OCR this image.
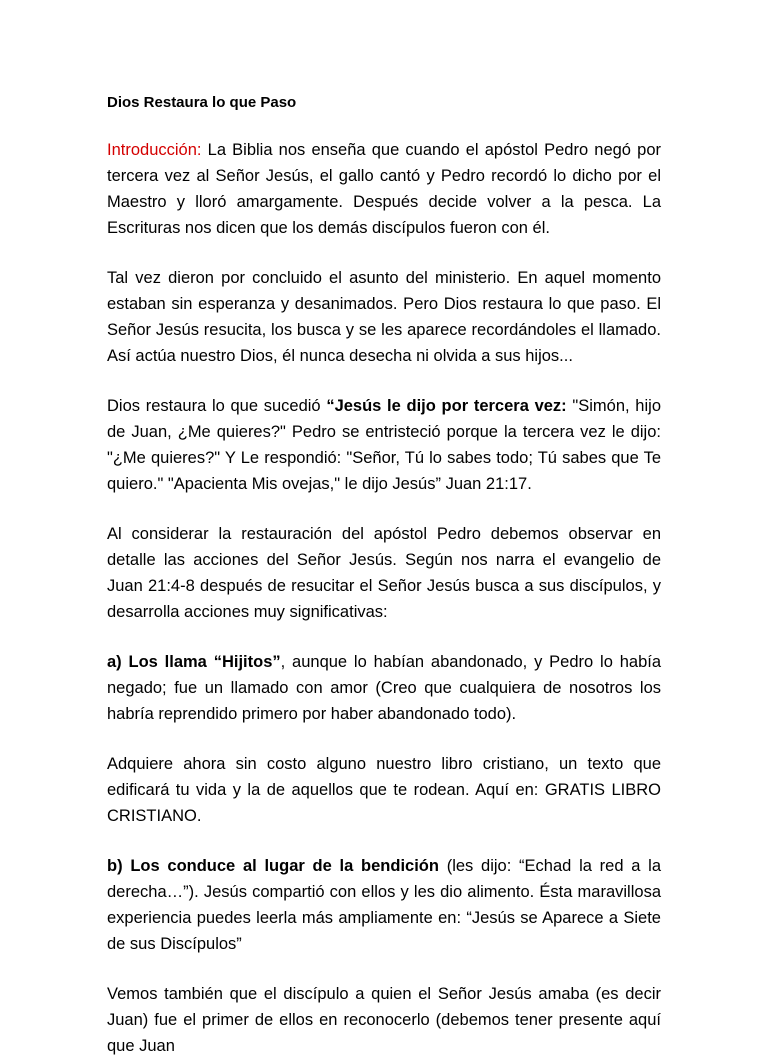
Dios Restaura lo que Paso

Introducción: La Biblia nos enseña que cuando el apóstol Pedro negó por tercera vez al Señor Jesús, el gallo cantó y Pedro recordó lo dicho por el Maestro y lloró amargamente. Después decide volver a la pesca. La Escrituras nos dicen que los demás discípulos fueron con él.

Tal vez dieron por concluido el asunto del ministerio. En aquel momento estaban sin esperanza y desanimados. Pero Dios restaura lo que paso. El Señor Jesús resucita, los busca y se les aparece recordándoles el llamado. Así actúa nuestro Dios, él nunca desecha ni olvida a sus hijos...

Dios restaura lo que sucedió “Jesús le dijo por tercera vez: "Simón, hijo de Juan, ¿Me quieres?" Pedro se entristeció porque la tercera vez le dijo: "¿Me quieres?" Y Le respondió: "Señor, Tú lo sabes todo; Tú sabes que Te quiero." "Apacienta Mis ovejas," le dijo Jesús” Juan 21:17.

Al considerar la restauración del apóstol Pedro debemos observar en detalle las acciones del Señor Jesús. Según nos narra el evangelio de Juan 21:4-8 después de resucitar el Señor Jesús busca a sus discípulos, y desarrolla acciones muy significativas:

a) Los llama “Hijitos”, aunque lo habían abandonado, y Pedro lo había negado; fue un llamado con amor (Creo que cualquiera de nosotros los habría reprendido primero por haber abandonado todo).

Adquiere ahora sin costo alguno nuestro libro cristiano, un texto que edificará tu vida y la de aquellos que te rodean. Aquí en: GRATIS LIBRO CRISTIANO.

b) Los conduce al lugar de la bendición (les dijo: “Echad la red a la derecha…”). Jesús compartió con ellos y les dio alimento. Ésta maravillosa experiencia puedes leerla más ampliamente en: “Jesús se Aparece a Siete de sus Discípulos”

Vemos también que el discípulo a quien el Señor Jesús amaba (es decir Juan) fue el primer de ellos en reconocerlo (debemos tener presente aquí que Juan
